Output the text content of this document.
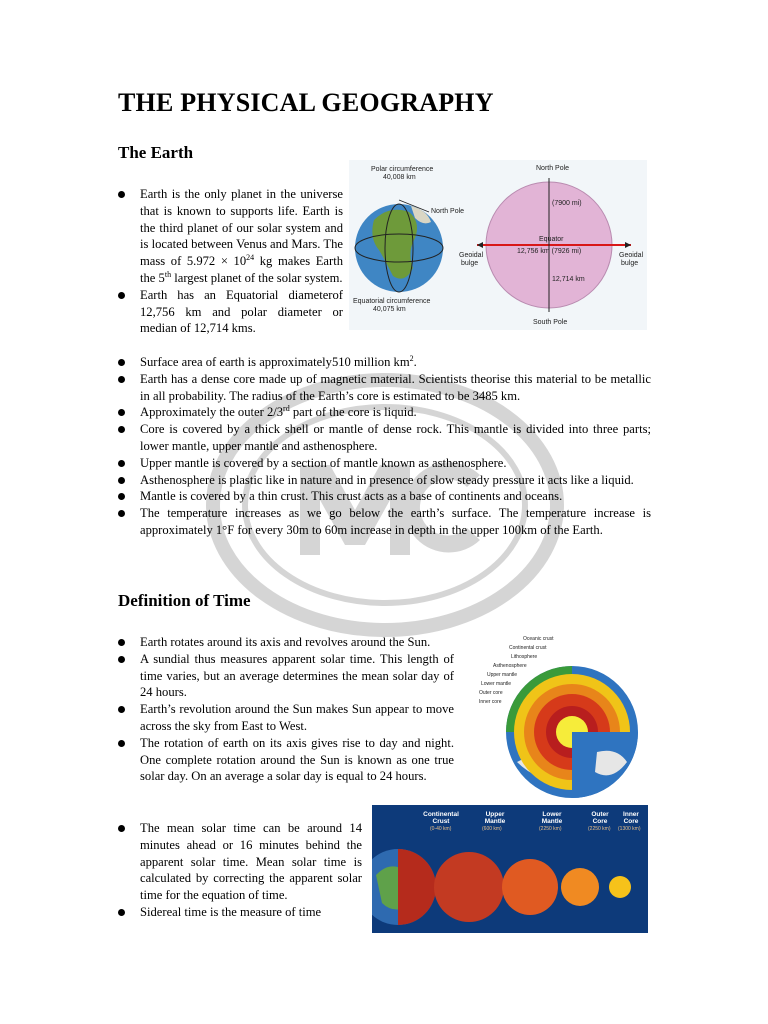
THE PHYSICAL GEOGRAPHY
The Earth
Earth is the only planet in the universe that is known to supports life. Earth is the third planet of our solar system and is located between Venus and Mars. The mass of $5.972 \times 10^{24}$ kg makes Earth the 5th largest planet of the solar system.
Earth has an Equatorial diameterof 12,756 km and polar diameter or median of 12,714 kms.
Surface area of earth is approximately510 million $km^2$.
Earth has a dense core made up of magnetic material. Scientists theorise this material to be metallic in all probability. The radius of the Earth’s core is estimated to be 3485 km.
Approximately the outer 2/3rd part of the core is liquid.
Core is covered by a thick shell or mantle of dense rock. This mantle is divided into three parts; lower mantle, upper mantle and asthenosphere.
Upper mantle is covered by a section of mantle known as asthenosphere.
Asthenosphere is plastic like in nature and in presence of slow steady pressure it acts like a liquid.
Mantle is covered by a thin crust. This crust acts as a base of continents and oceans.
The temperature increases as we go below the earth’s surface. The temperature increase is approximately 1°F for every 30m to 60m increase in depth in the upper 100km of the Earth.
Polar circumference
40,008 km
North Pole
Equatorial circumference
40,075 km
North Pole
South Pole
Equator
12,756 km (7926 mi)
(7900 mi)
12,714 km
Geoidal
bulge
Geoidal
bulge
Definition of Time
Earth rotates around its axis and revolves around the Sun.
A sundial thus measures apparent solar time. This length of time varies, but an average determines the mean solar day of 24 hours.
Earth’s revolution around the Sun makes Sun appear to move across the sky from East to West.
The rotation of earth on its axis gives rise to day and night. One complete rotation around the Sun is known as one true solar day. On an average a solar day is equal to 24 hours.
The mean solar time can be around 14 minutes ahead or 16 minutes behind the apparent solar time. Mean solar time is calculated by correcting the apparent solar time for the equation of time.
Sidereal time is the measure of time
Oceanic crust
Continental crust
Lithosphere
Asthenosphere
Upper mantle
Lower mantle
Outer core
Inner core
Continental
Crust
(0-40 km)
Upper
Mantle
(600 km)
Lower
Mantle
(2250 km)
Outer
Core
(2250 km)
Inner
Core
(1300 km)
